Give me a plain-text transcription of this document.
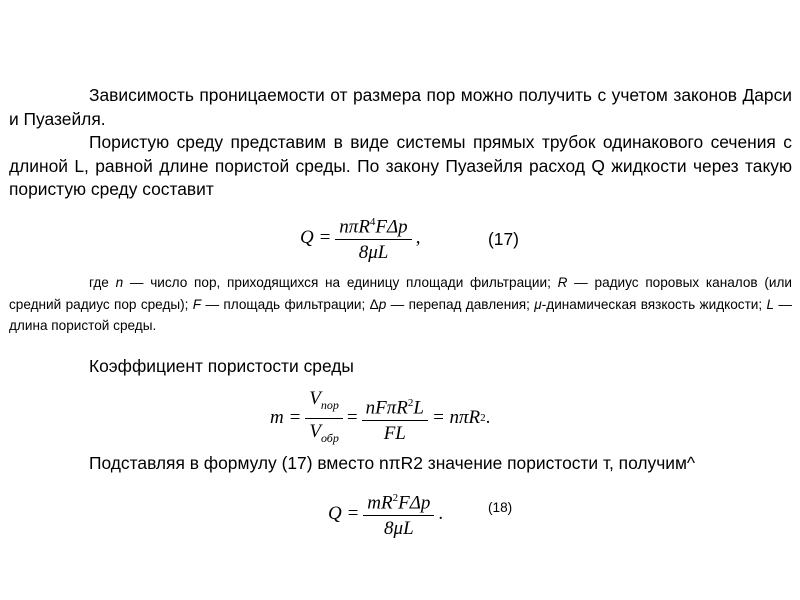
Зависимость проницаемости от размера пор можно получить с учетом законов Дарси и Пуазейля.

Пористую среду представим в виде системы прямых трубок одинакового сечения с длиной L, равной длине пористой среды. По закону Пуазейля расход Q жидкости через такую пористую среду составит

$Q = \frac{n\pi R^4F\Delta p}{8\mu L}$ ,	(17)

где n — число пор, приходящихся на единицу площади фильтрации; R — радиус поровых каналов (или средний радиус пор среды); F — площадь фильтрации; Δp — перепад давления; μ-динамическая вязкость жидкости; L — длина пористой среды.

Коэффициент пористости среды

$m = \frac{V_{пор}}{V_{обр}} = \frac{nF\pi R^2L}{FL} = n\pi R$ 2 .

Подставляя в формулу (17) вместо nπR2 значение пористости т, получим^

$Q = \frac{mR^2F\Delta p}{8\mu L}$ .	(18)
